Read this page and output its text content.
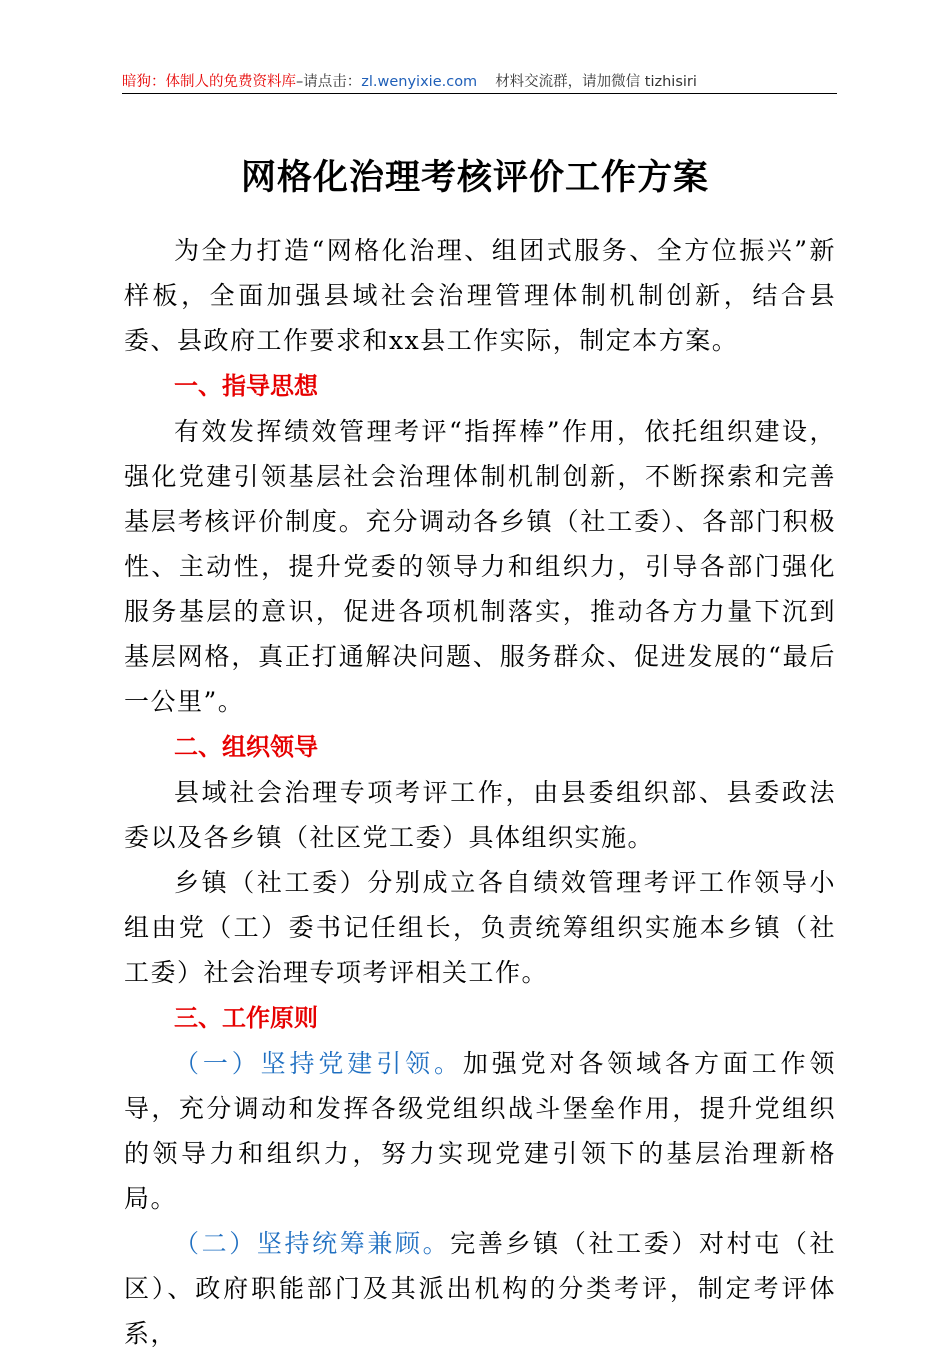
暗狗：体制人的免费资料库–请点击：zl.wenyixie.com 材料交流群，请加微信 tizhisiri
网格化治理考核评价工作方案

为全力打造“网格化治理、组团式服务、全方位振兴”新样板，全面加强县域社会治理管理体制机制创新，结合县委、县政府工作要求和xx县工作实际，制定本方案。

一、指导思想

有效发挥绩效管理考评“指挥棒”作用，依托组织建设，强化党建引领基层社会治理体制机制创新，不断探索和完善基层考核评价制度。充分调动各乡镇（社工委）、各部门积极性、主动性，提升党委的领导力和组织力，引导各部门强化服务基层的意识，促进各项机制落实，推动各方力量下沉到基层网格，真正打通解决问题、服务群众、促进发展的“最后一公里”。

二、组织领导

县域社会治理专项考评工作，由县委组织部、县委政法委以及各乡镇（社区党工委）具体组织实施。

乡镇（社工委）分别成立各自绩效管理考评工作领导小组由党（工）委书记任组长，负责统筹组织实施本乡镇（社工委）社会治理专项考评相关工作。

三、工作原则

（一）坚持党建引领。加强党对各领域各方面工作领导，充分调动和发挥各级党组织战斗堡垒作用，提升党组织的领导力和组织力，努力实现党建引领下的基层治理新格局。

（二）坚持统筹兼顾。完善乡镇（社工委）对村屯（社区）、政府职能部门及其派出机构的分类考评，制定考评体系，
